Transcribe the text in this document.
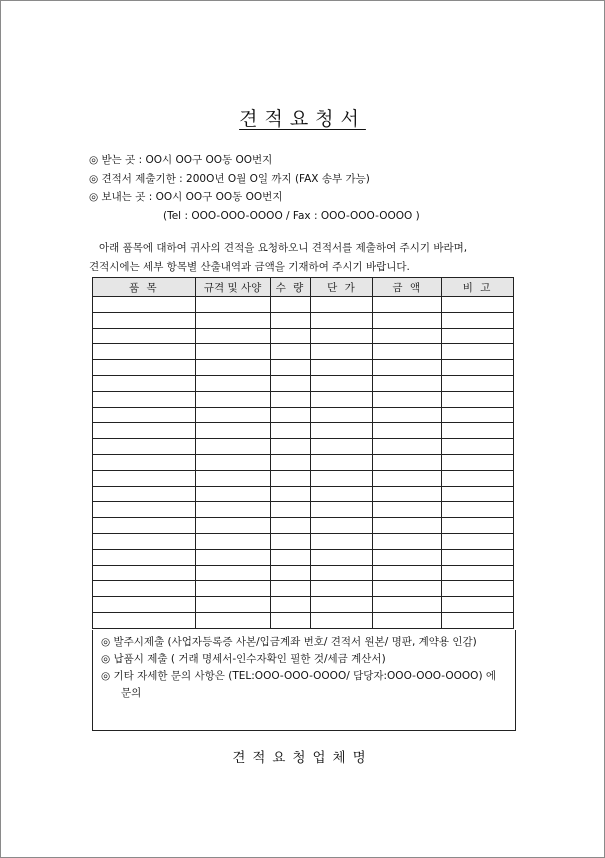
견적요청서
◎ 받는 곳 : OO시 OO구 OO동 OO번지
◎ 견적서 제출기한 : 200O년 O월 O일 까지 (FAX 송부 가능)
◎ 보내는 곳 : OO시 OO구 OO동 OO번지
(Tel : OOO-OOO-OOOO / Fax : OOO-OOO-OOOO )
아래 품목에 대하여 귀사의 견적을 요청하오니 견적서를 제출하여 주시기 바라며,
견적시에는 세부 항목별 산출내역과 금액을 기재하여 주시기 바랍니다.
품 목	규격 및 사양	수 량	단 가	금 액	비 고

◎ 발주시제출 (사업자등록증 사본/입금계좌 번호/ 견적서 원본/ 명판, 계약용 인감)
◎ 납품시 제출 ( 거래 명세서-인수자확인 필한 것/세금 계산서)
◎ 기타 자세한 문의 사항은 (TEL:OOO-OOO-OOOO/ 담당자:OOO-OOO-OOOO) 에 문의
견적요청업체명
